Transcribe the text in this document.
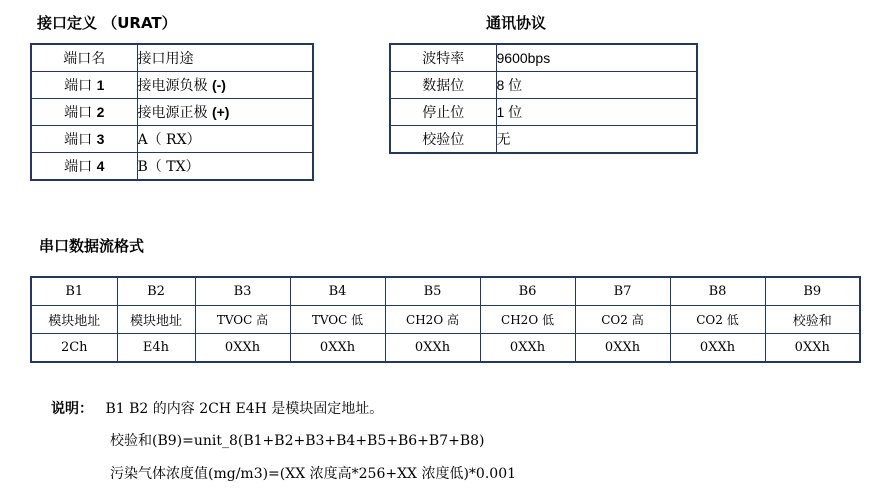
接口定义 （URAT）
端口名	接口用途
端口 1	接电源负极 (-)
端口 2	接电源正极 (+)
端口 3	A（ RX）
端口 4	B（ TX）
通讯协议
波特率	9600bps
数据位	8 位
停止位	1 位
校验位	无
串口数据流格式
B1	B2	B3	B4	B5	B6	B7	B8	B9
模块地址	模块地址	TVOC 高	TVOC 低	CH2O 高	CH2O 低	CO2 高	CO2 低	校验和
2Ch	E4h	0XXh	0XXh	0XXh	0XXh	0XXh	0XXh	0XXh
说明： B1 B2 的内容 2CH E4H 是模块固定地址。
校验和(B9)=unit_8(B1+B2+B3+B4+B5+B6+B7+B8)
污染气体浓度值(mg/m3)=(XX 浓度高*256+XX 浓度低)*0.001
